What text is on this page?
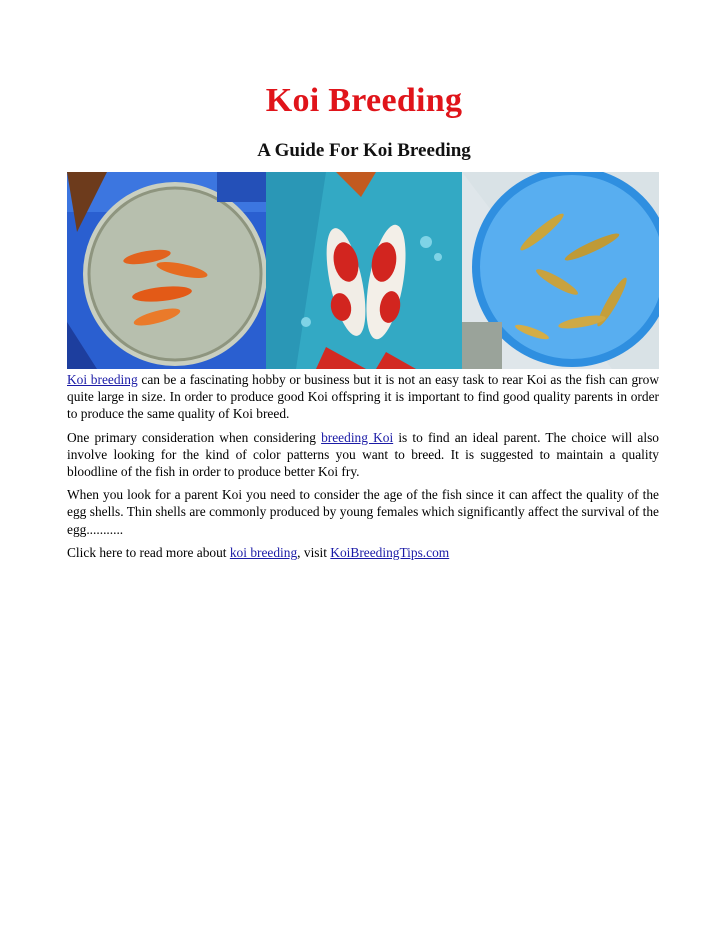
Koi Breeding
A Guide For Koi Breeding

Koi breeding can be a fascinating hobby or business but it is not an easy task to rear Koi as the fish can grow quite large in size. In order to produce good Koi offspring it is important to find good quality parents in order to produce the same quality of Koi breed.

One primary consideration when considering breeding Koi is to find an ideal parent. The choice will also involve looking for the kind of color patterns you want to breed. It is suggested to maintain a quality bloodline of the fish in order to produce better Koi fry.

When you look for a parent Koi you need to consider the age of the fish since it can affect the quality of the egg shells. Thin shells are commonly produced by young females which significantly affect the survival of the egg...........

Click here to read more about koi breeding, visit KoiBreedingTips.com
